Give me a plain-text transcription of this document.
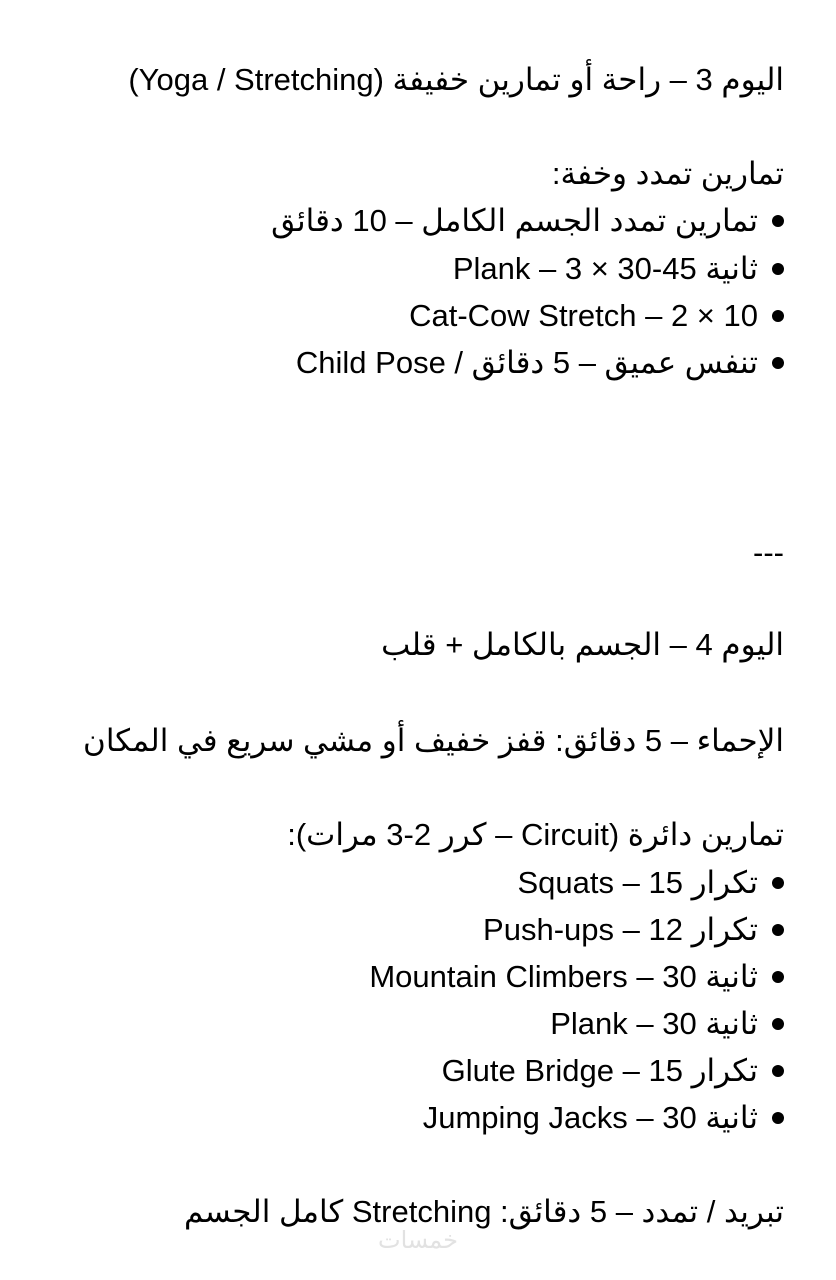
اليوم 3 – راحة أو تمارين خفيفة (Yoga / Stretching)
تمارين تمدد وخفة:
تمارين تمدد الجسم الكامل – 10 دقائق
Plank – 3 × 30-45 ثانية
Cat-Cow Stretch – 2 × 10
Child Pose / تنفس عميق – 5 دقائق
---
اليوم 4 – الجسم بالكامل + قلب
الإحماء – 5 دقائق: قفز خفيف أو مشي سريع في المكان
تمارين دائرة (Circuit – كرر 2-3 مرات):
Squats – 15 تكرار
Push-ups – 12 تكرار
Mountain Climbers – 30 ثانية
Plank – 30 ثانية
Glute Bridge – 15 تكرار
Jumping Jacks – 30 ثانية
تبريد / تمدد – 5 دقائق: Stretching كامل الجسم
خمسات
